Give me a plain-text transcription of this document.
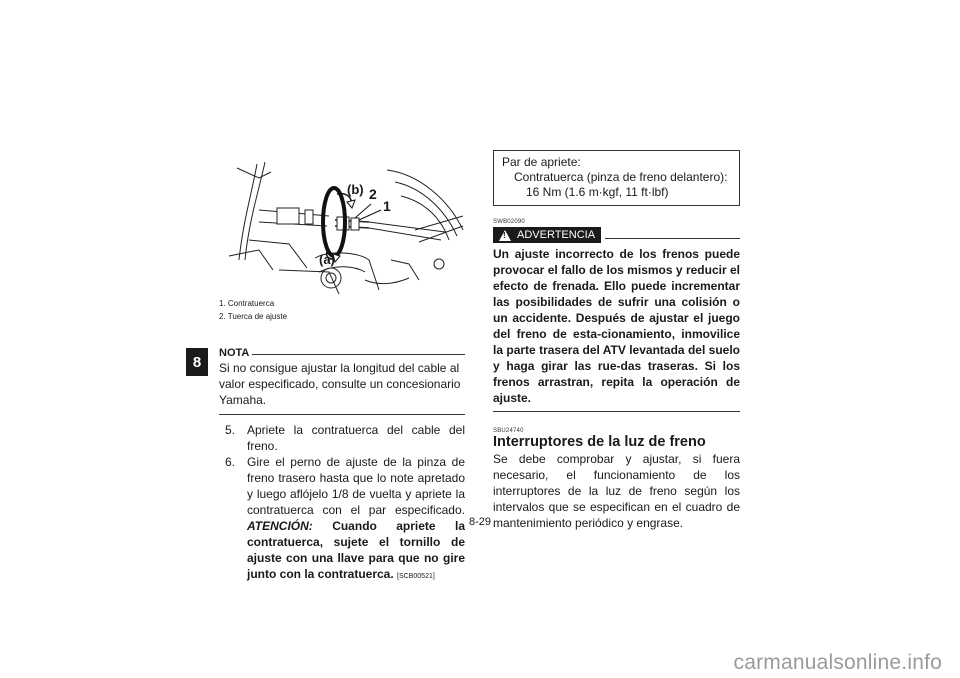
8
(b) 2
1
(a)
1. Contratuerca
2. Tuerca de ajuste
NOTA

Si no consigue ajustar la longitud del cable al valor especificado, consulte un concesionario Yamaha.

5. Apriete la contratuerca del cable del freno.
6. Gire el perno de ajuste de la pinza de freno trasero hasta que lo note apretado y luego aflójelo 1/8 de vuelta y apriete la contratuerca con el par especificado. ATENCIÓN: Cuando apriete la contratuerca, sujete el tornillo de ajuste con una llave para que no gire junto con la contratuerca. [SCB00521]
Par de apriete:
Contratuerca (pinza de freno delantero):
16 Nm (1.6 m·kgf, 11 ft·lbf)
SWB02090
! ADVERTENCIA

Un ajuste incorrecto de los frenos puede provocar el fallo de los mismos y reducir el efecto de frenada. Ello puede incrementar las posibilidades de sufrir una colisión o un accidente. Después de ajustar el juego del freno de esta-cionamiento, inmovilice la parte trasera del ATV levantada del suelo y haga girar las rue-das traseras. Si los frenos arrastran, repita la operación de ajuste.

SBU24740
Interruptores de la luz de freno

Se debe comprobar y ajustar, si fuera necesario, el funcionamiento de los interruptores de la luz de freno según los intervalos que se especifican en el cuadro de mantenimiento periódico y engrase.

8-29
carmanualsonline.info
